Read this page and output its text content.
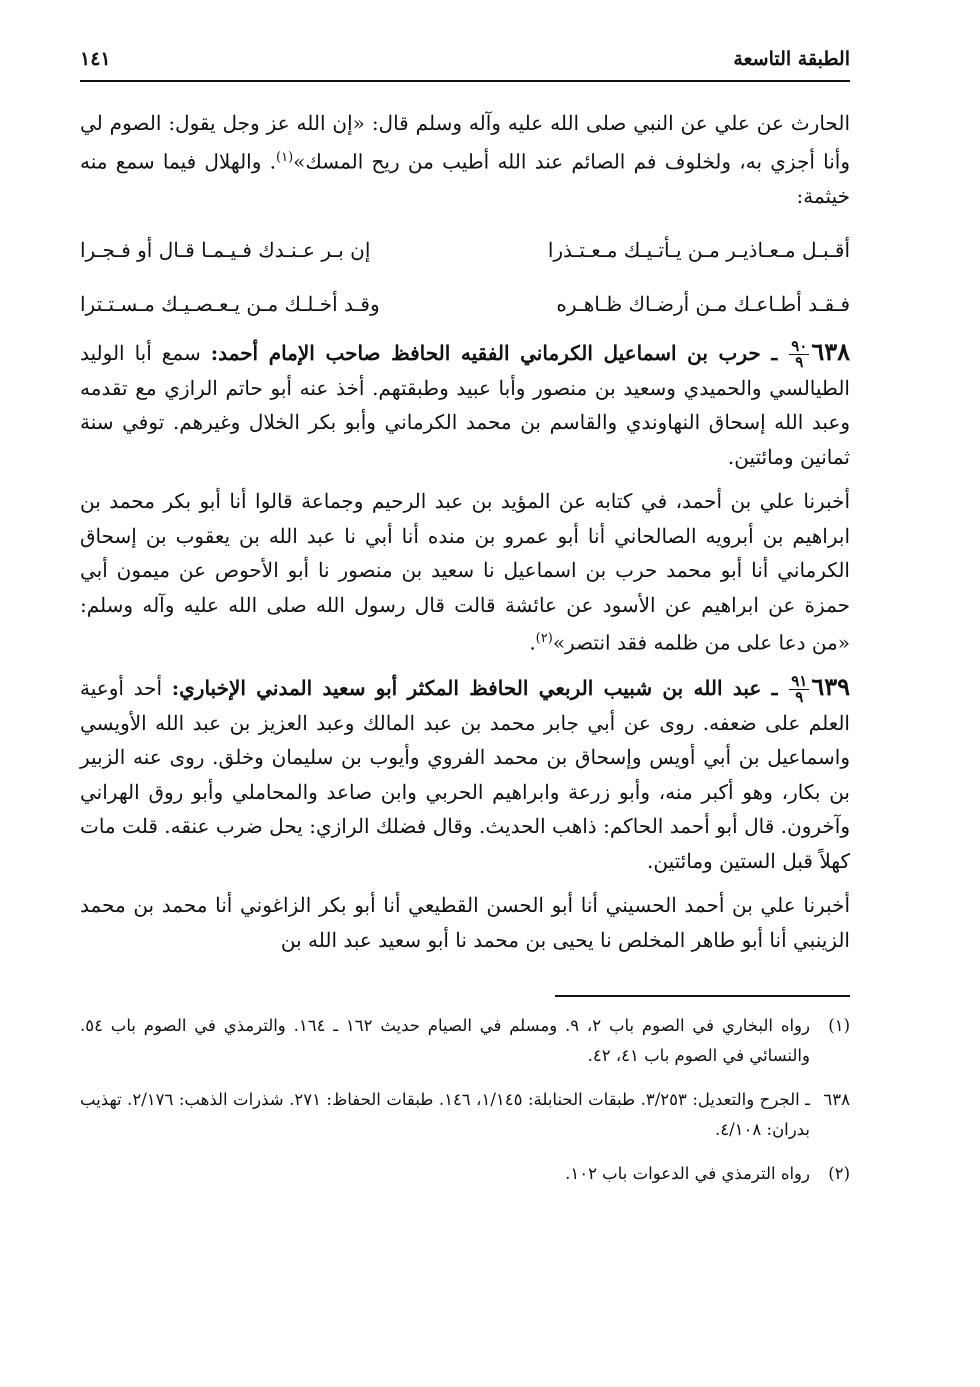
الطبقة التاسعة
١٤١

الحارث عن علي عن النبي صلى الله عليه وآله وسلم قال: «إن الله عز وجل يقول: الصوم لي وأنا أجزي به، ولخلوف فم الصائم عند الله أطيب من ريح المسك»$^{(١)}$. والهلال فيما سمع منه خيثمة:

أقـبـل مـعـاذيـر مـن يـأتـيـك مـعـتـذرا
إن بـر عـنـدك فـيـمـا قـال أو فـجـرا
فـقـد أطـاعـك مـن أرضـاك ظـاهـره
وقـد أخـلـك مـن يـعـصـيـك مـسـتـترا

٦٣٨
$\frac{٩٠}{٩}$
ـ حرب بن اسماعيل الكرماني الفقيه الحافظ صاحب الإمام أحمد: سمع أبا الوليد الطيالسي والحميدي وسعيد بن منصور وأبا عبيد وطبقتهم. أخذ عنه أبو حاتم الرازي مع تقدمه وعبد الله إسحاق النهاوندي والقاسم بن محمد الكرماني وأبو بكر الخلال وغيرهم. توفي سنة ثمانين ومائتين.

أخبرنا علي بن أحمد، في كتابه عن المؤيد بن عبد الرحيم وجماعة قالوا أنا أبو بكر محمد بن ابراهيم بن أبرويه الصالحاني أنا أبو عمرو بن منده أنا أبي نا عبد الله بن يعقوب بن إسحاق الكرماني أنا أبو محمد حرب بن اسماعيل نا سعيد بن منصور نا أبو الأحوص عن ميمون أبي حمزة عن ابراهيم عن الأسود عن عائشة قالت قال رسول الله صلى الله عليه وآله وسلم: «من دعا على من ظلمه فقد انتصر»$^{(٢)}$.

٦٣٩
$\frac{٩١}{٩}$
ـ عبد الله بن شبيب الربعي الحافظ المكثر أبو سعيد المدني الإخباري: أحد أوعية العلم على ضعفه. روى عن أبي جابر محمد بن عبد المالك وعبد العزيز بن عبد الله الأويسي واسماعيل بن أبي أويس وإسحاق بن محمد الفروي وأيوب بن سليمان وخلق. روى عنه الزبير بن بكار، وهو أكبر منه، وأبو زرعة وابراهيم الحربي وابن صاعد والمحاملي وأبو روق الهراني وآخرون. قال أبو أحمد الحاكم: ذاهب الحديث. وقال فضلك الرازي: يحل ضرب عنقه. قلت مات كهلاً قبل الستين ومائتين.

أخبرنا علي بن أحمد الحسيني أنا أبو الحسن القطيعي أنا أبو بكر الزاغوني أنا محمد بن محمد الزينبي أنا أبو طاهر المخلص نا يحيى بن محمد نا أبو سعيد عبد الله بن

(١)
رواه البخاري في الصوم باب ٢، ٩. ومسلم في الصيام حديث ١٦٢ ـ ١٦٤. والترمذي في الصوم باب ٥٤. والنسائي في الصوم باب ٤١، ٤٢.
٦٣٨
ـ الجرح والتعديل: ٣/٢٥٣. طبقات الحنابلة: ١/١٤٥، ١٤٦. طبقات الحفاظ: ٢٧١. شذرات الذهب: ٢/١٧٦. تهذيب بدران: ٤/١٠٨.
(٢)
رواه الترمذي في الدعوات باب ١٠٢.
